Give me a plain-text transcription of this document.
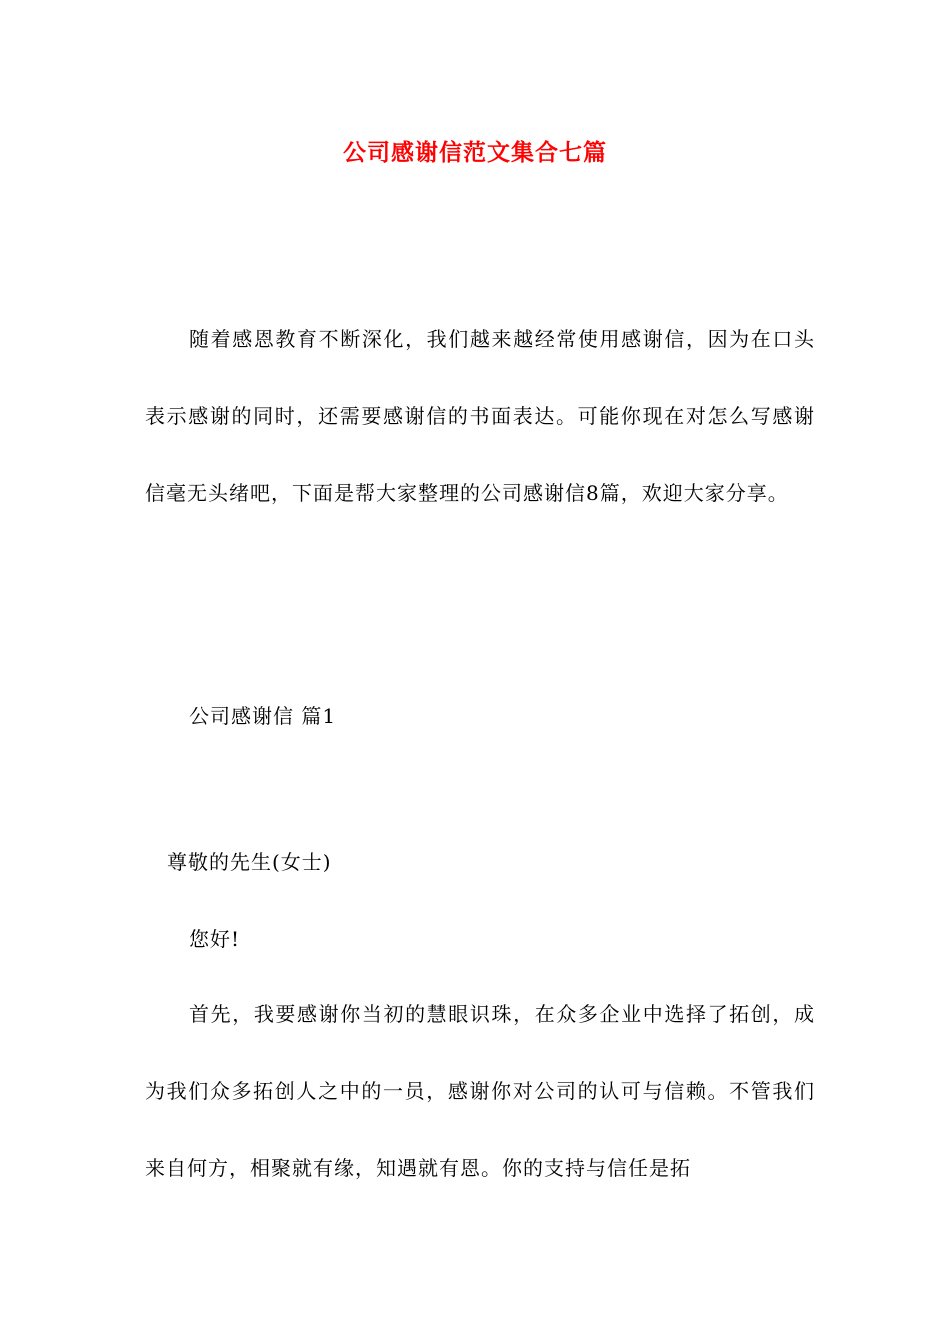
公司感谢信范文集合七篇

随着感恩教育不断深化，我们越来越经常使用感谢信，因为在口头表示感谢的同时，还需要感谢信的书面表达。可能你现在对怎么写感谢信毫无头绪吧，下面是帮大家整理的公司感谢信8篇，欢迎大家分享。

公司感谢信 篇1
尊敬的先生(女士)
您好!

首先，我要感谢你当初的慧眼识珠，在众多企业中选择了拓创，成为我们众多拓创人之中的一员，感谢你对公司的认可与信赖。不管我们来自何方，相聚就有缘，知遇就有恩。你的支持与信任是拓
